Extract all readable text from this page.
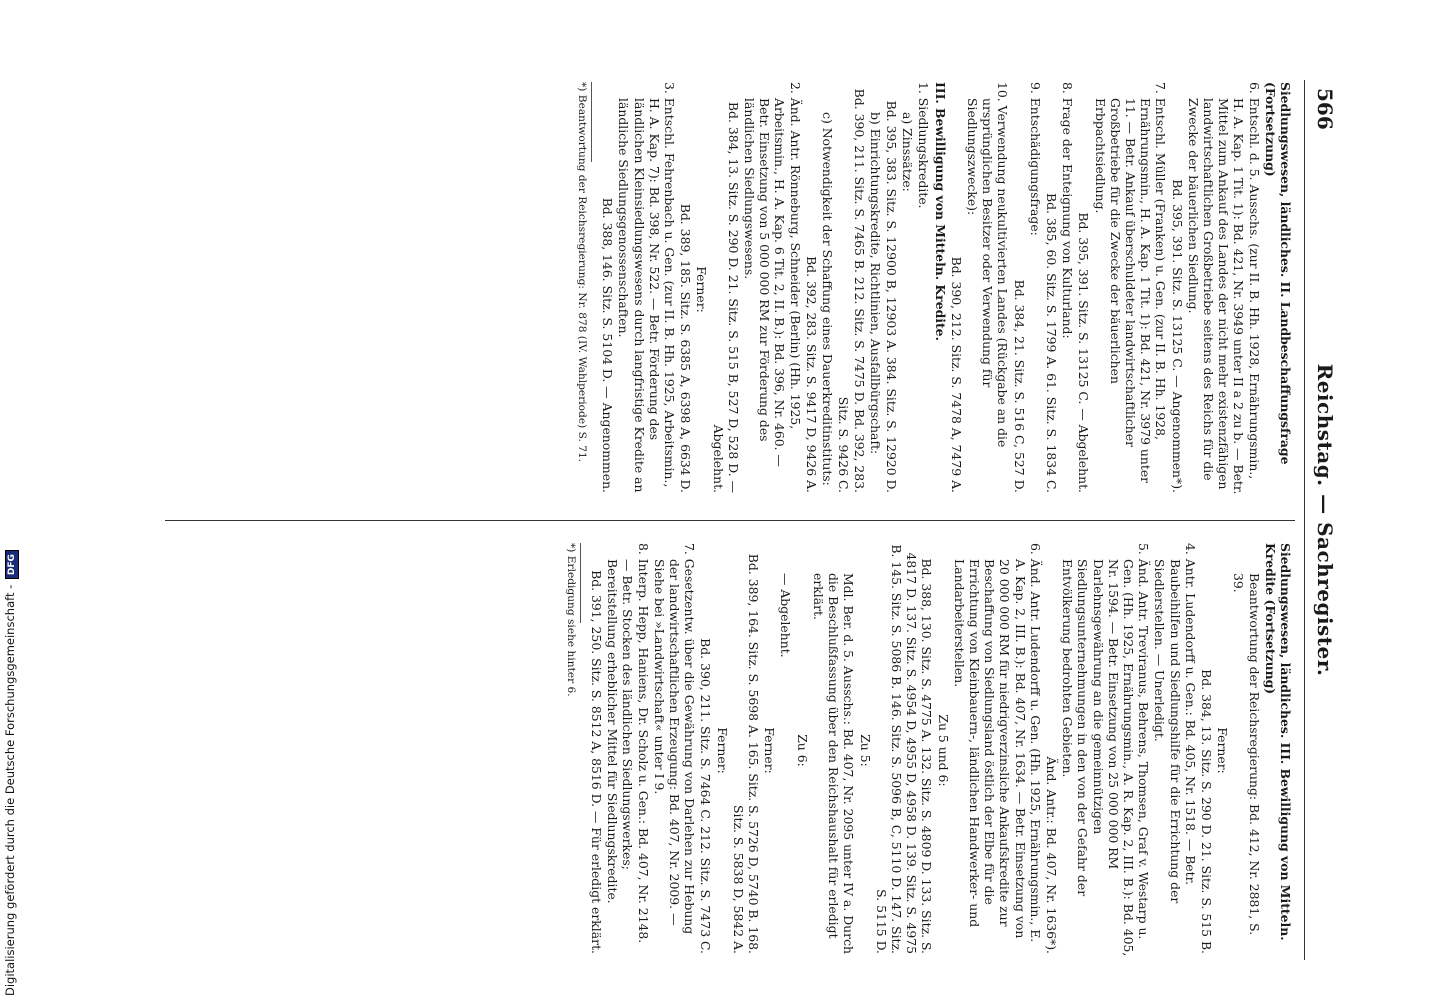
566
Reichstag. — Sachregister.
Siedlungswesen, ländliches. II. Landbeschaffungsfrage (Fortsetzung)
6. Entschl. d. 5. Ausschs. (zur II. B. Hh. 1928, Ernährungsmin., H. A. Kap. 1 Tit. 1): Bd. 421, Nr. 3949 unter II a 2 zu b. — Betr. Mittel zum Ankauf des Landes der nicht mehr existenzfähigen landwirtschaftlichen Großbetriebe seitens des Reichs für die Zwecke der bäuerlichen Siedlung.
Bd. 395, 391. Sitz. S. 13125 C. — Angenommen*).
7. Entschl. Müller (Franken) u. Gen. (zur II. B. Hh. 1928, Ernährungsmin., H. A. Kap. 1 Tit. 1): Bd. 421, Nr. 3979 unter 11. — Betr. Ankauf überschuldeter landwirtschaftlicher Großbetriebe für die Zwecke der bäuerlichen Erbpachtsiedlung.
Bd. 395, 391. Sitz. S. 13125 C. — Abgelehnt.
8. Frage der Enteignung von Kulturland:
Bd. 385, 60. Sitz. S. 1799 A. 61. Sitz. S. 1834 C.
9. Entschädigungsfrage:
Bd. 384, 21. Sitz. S. 516 C, 527 D.
10. Verwendung neukultivierten Landes (Rückgabe an die ursprünglichen Besitzer oder Verwendung für Siedlungszwecke):
Bd. 390, 212. Sitz. S. 7478 A, 7479 A.
III. Bewilligung von Mitteln. Kredite.
1. Siedlungskredite.
a) Zinssätze:
Bd. 395, 383. Sitz. S. 12900 B, 12903 A. 384. Sitz. S. 12920 D.
b) Einrichtungskredite, Richtlinien, Ausfallbürgschaft:
Bd. 390, 211. Sitz. S. 7465 B. 212. Sitz. S. 7475 D. Bd. 392, 283. Sitz. S. 9426 C.
c) Notwendigkeit der Schaffung eines Dauerkreditinstituts:
Bd. 392, 283. Sitz. S. 9417 D, 9426 A.
2. Änd. Antr. Rönneburg, Schneider (Berlin) (Hh. 1925, Arbeitsmin., H. A. Kap. 6 Tit. 2, II. B.): Bd. 396, Nr. 460. — Betr. Einsetzung von 5 000 000 RM zur Förderung des ländlichen Siedlungswesens.
Bd. 384, 13. Sitz. S. 290 D. 21. Sitz. S. 515 B, 527 D, 528 D. — Abgelehnt.
Ferner:
Bd. 389, 185. Sitz. S. 6385 A, 6398 A, 6634 D.
3. Entschl. Fehrenbach u. Gen. (zur II. B. Hh. 1925, Arbeitsmin., H. A. Kap. 7): Bd. 398, Nr. 522. — Betr. Förderung des ländlichen Kleinsiedlungswesens durch langfristige Kredite an ländliche Siedlungsgenossenschaften.
Bd. 388, 146. Sitz. S. 5104 D. — Angenommen.
*) Beantwortung der Reichsregierung: Nr. 878 (IV. Wahlperiode) S. 71.
Siedlungswesen, ländliches. III. Bewilligung von Mitteln. Kredite (Fortsetzung)
Beantwortung der Reichsregierung: Bd. 412, Nr. 2881, S. 39.
Ferner:
Bd. 384, 13. Sitz. S. 290 D. 21. Sitz. S. 515 B.
4. Antr. Ludendorff u. Gen.: Bd. 405, Nr. 1518. — Betr. Baubeihilfen und Siedlungshilfe für die Errichtung der Siedlerstellen. — Unerledigt.
5. Änd. Antr. Treviranus, Behrens, Thomsen, Graf v. Westarp u. Gen. (Hh. 1925, Ernährungsmin., A. R. Kap. 2, III. B.): Bd. 405, Nr. 1594. — Betr. Einsetzung von 25 000 000 RM Darlehnsgewährung an die gemeinnützigen Siedlungsunternehmungen in den von der Gefahr der Entvölkerung bedrohten Gebieten.
Änd. Antr.: Bd. 407, Nr. 1636*).
6. Änd. Antr. Ludendorff u. Gen. (Hh. 1925, Ernährungsmin., E. A. Kap. 2, III. B.): Bd. 407, Nr. 1634. — Betr. Einsetzung von 20 000 000 RM für niedrigverzinsliche Ankaufskredite zur Beschaffung von Siedlungsland östlich der Elbe für die Errichtung von Kleinbauern-, ländlichen Handwerker- und Landarbeiterstellen.
Zu 5 und 6:
Bd. 388, 130. Sitz. S. 4775 A. 132. Sitz. S. 4809 D. 133. Sitz. S. 4817 D. 137. Sitz. S. 4954 D, 4955 D, 4958 D. 139. Sitz. S. 4975 B. 145. Sitz. S. 5086 B. 146. Sitz. S. 5096 B, C, 5110 D. 147. Sitz. S. 5115 D.
Zu 5:
Mdl. Ber. d. 5. Ausschs.: Bd. 407, Nr. 2095 unter IV a. Durch die Beschlußfassung über den Reichshaushalt für erledigt erklärt.
Zu 6:
— Abgelehnt.
Ferner:
Bd. 389, 164. Sitz. S. 5698 A. 165. Sitz. S. 5726 D, 5740 B. 168. Sitz. S. 5838 D, 5842 A.
Ferner:
Bd. 390, 211. Sitz. S. 7464 C. 212. Sitz. S. 7473 C.
7. Gesetzentw. über die Gewährung von Darlehen zur Hebung der landwirtschaftlichen Erzeugung: Bd. 407, Nr. 2009. — Siehe bei »Landwirtschaft« unter I 9.
8. Interp. Hepp, Haniens, Dr. Scholz u. Gen.: Bd. 407, Nr. 2148. — Betr. Stocken des ländlichen Siedlungswerkes; Bereitstellung erheblicher Mittel für Siedlungskredite.
Bd. 391, 250. Sitz. S. 8512 A, 8516 D. — Für erledigt erklärt.
*) Erledigung siehe hinter 6.
Digitalisierung gefördert durch die Deutsche Forschungsgemeinschaft - DFG
